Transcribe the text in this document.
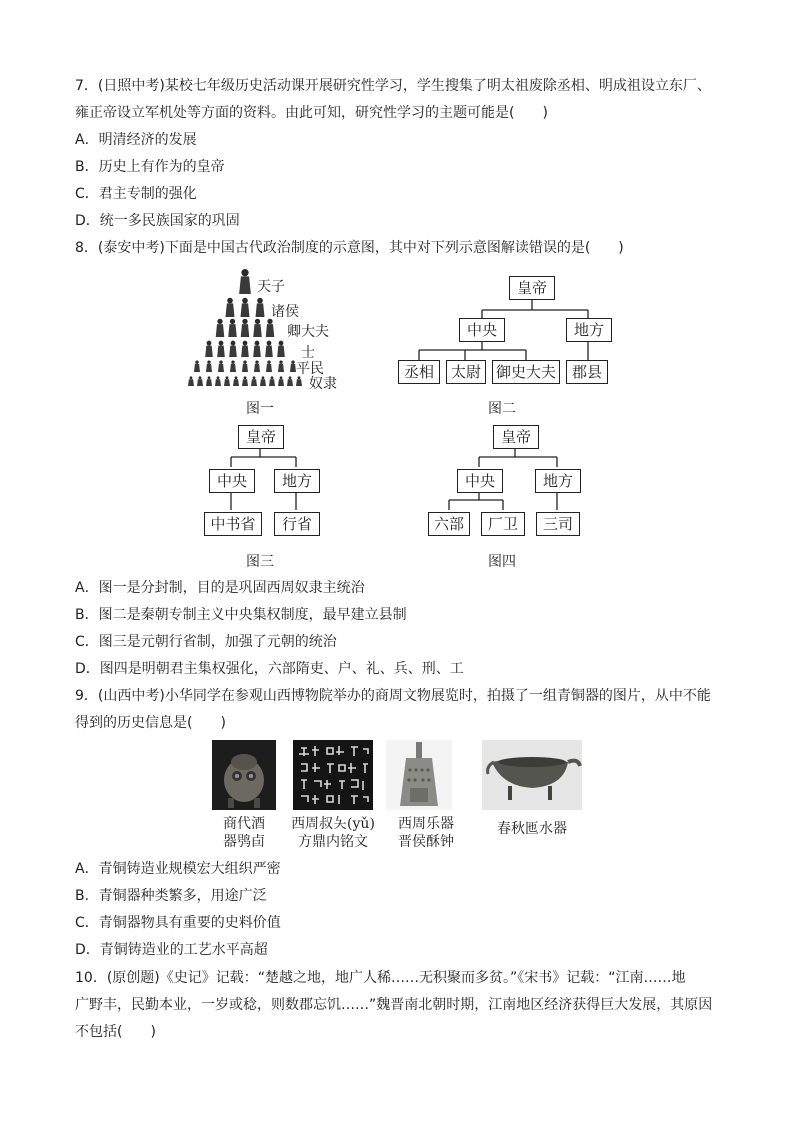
7．(日照中考)某校七年级历史活动课开展研究性学习，学生搜集了明太祖废除丞相、明成祖设立东厂、
雍正帝设立军机处等方面的资料。由此可知，研究性学习的主题可能是(　　)
A．明清经济的发展
B．历史上有作为的皇帝
C．君主专制的强化
D．统一多民族国家的巩固
8．(泰安中考)下面是中国古代政治制度的示意图，其中对下列示意图解读错误的是(　　)
天子
诸侯
卿大夫
士
平民
奴隶
图一
皇帝
中央	地方
丞相	太尉 御史大夫	郡县
图二
皇帝
中央	地方
中书省	行省
图三
皇帝
中央	地方
六部	厂卫	三司
图四
A．图一是分封制，目的是巩固西周奴隶主统治
B．图二是秦朝专制主义中央集权制度，最早建立县制
C．图三是元朝行省制，加强了元朝的统治
D．图四是明朝君主集权强化，六部隋吏、户、礼、兵、刑、工
9．(山西中考)小华同学在参观山西博物院举办的商周文物展览时，拍摄了一组青铜器的图片，从中不能
得到的历史信息是(　　)
商代酒
器鸮卣
西周叔夨(yǔ)
方鼎内铭文
西周乐器
晋侯酥钟
春秋匜水器
A．青铜铸造业规模宏大组织严密
B．青铜器种类繁多，用途广泛
C．青铜器物具有重要的史料价值
D．青铜铸造业的工艺水平高超
10．(原创题)《史记》记载：“楚越之地，地广人稀……无积聚而多贫。”《宋书》记载：“江南……地
广野丰，民勤本业，一岁或稔，则数郡忘饥……”魏晋南北朝时期，江南地区经济获得巨大发展，其原因
不包括(　　)
